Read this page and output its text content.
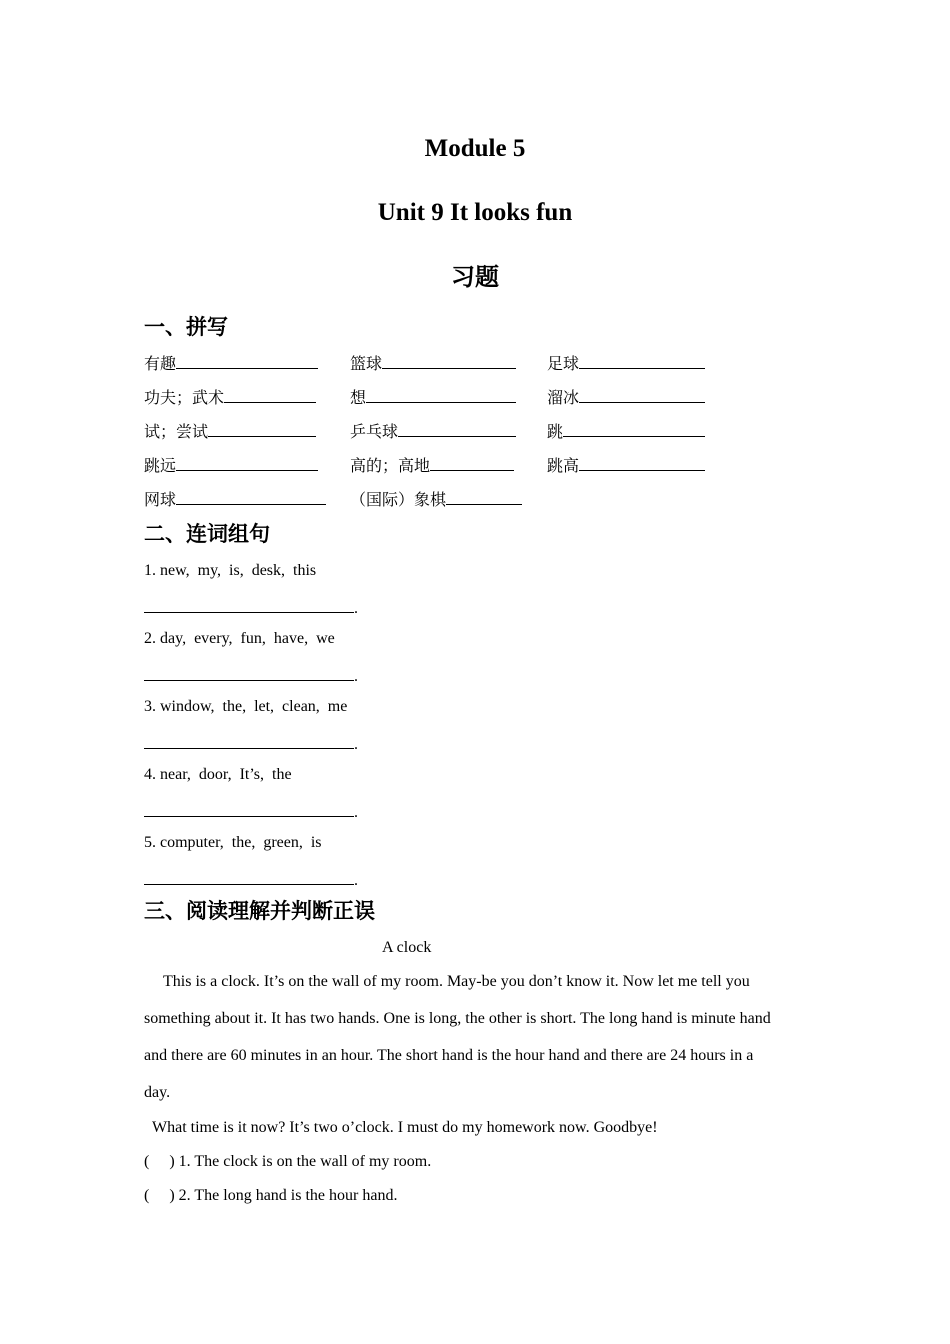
Module 5
Unit 9 It looks fun
习题
一、拼写
有趣	篮球	足球
功夫；武术	想	溜冰
试；尝试	乒乓球	跳
跳远	高的；高地	跳高
网球	（国际）象棋
二、连词组句
1. new,  my,  is,  desk,  this
.
2. day,  every,  fun,  have,  we
.
3. window,  the,  let,  clean,  me
.
4. near,  door,  It’s,  the
.
5. computer,  the,  green,  is
.
三、阅读理解并判断正误
A clock
This is a clock. It’s on the wall of my room. May-be you don’t know it. Now let me tell you
something about it. It has two hands. One is long, the other is short. The long hand is minute hand
and there are 60 minutes in an hour. The short hand is the hour hand and there are 24 hours in a
day.
What time is it now? It’s two o’clock. I must do my homework now. Goodbye!
(     ) 1. The clock is on the wall of my room.
(     ) 2. The long hand is the hour hand.
